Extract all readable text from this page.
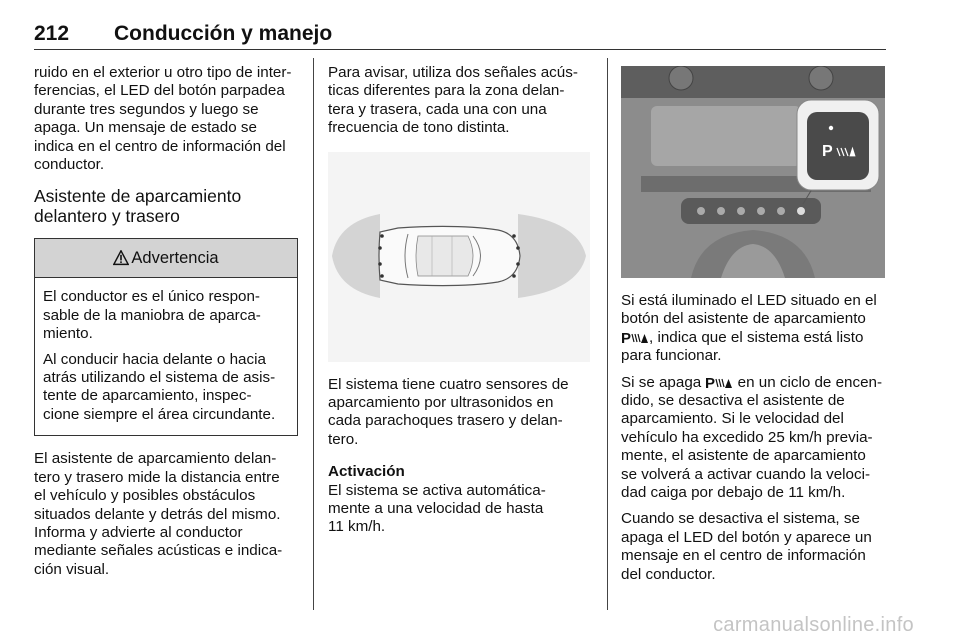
212 Conducción y manejo

ruido en el exterior u otro tipo de inter-
ferencias, el LED del botón parpadea
durante tres segundos y luego se
apaga. Un mensaje de estado se
indica en el centro de información del
conductor.

Asistente de aparcamiento
delantero y trasero
Advertencia

El conductor es el único respon-
sable de la maniobra de aparca-
miento.

Al conducir hacia delante o hacia
atrás utilizando el sistema de asis-
tente de aparcamiento, inspec-
cione siempre el área circundante.

El asistente de aparcamiento delan-
tero y trasero mide la distancia entre
el vehículo y posibles obstáculos
situados delante y detrás del mismo.
Informa y advierte al conductor
mediante señales acústicas e indica-
ción visual.

Para avisar, utiliza dos señales acús-
ticas diferentes para la zona delan-
tera y trasera, cada una con una
frecuencia de tono distinta.

El sistema tiene cuatro sensores de
aparcamiento por ultrasonidos en
cada parachoques trasero y delan-
tero.

Activación
El sistema se activa automática-
mente a una velocidad de hasta
11 km/h.

P

Si está iluminado el LED situado en el
botón del asistente de aparcamiento
P , indica que el sistema está listo
para funcionar.

Si se apaga P en un ciclo de encen-
dido, se desactiva el asistente de
aparcamiento. Si le velocidad del
vehículo ha excedido 25 km/h previa-
mente, el asistente de aparcamiento
se volverá a activar cuando la veloci-
dad caiga por debajo de 11 km/h.

Cuando se desactiva el sistema, se
apaga el LED del botón y aparece un
mensaje en el centro de información
del conductor.

carmanualsonline.info
